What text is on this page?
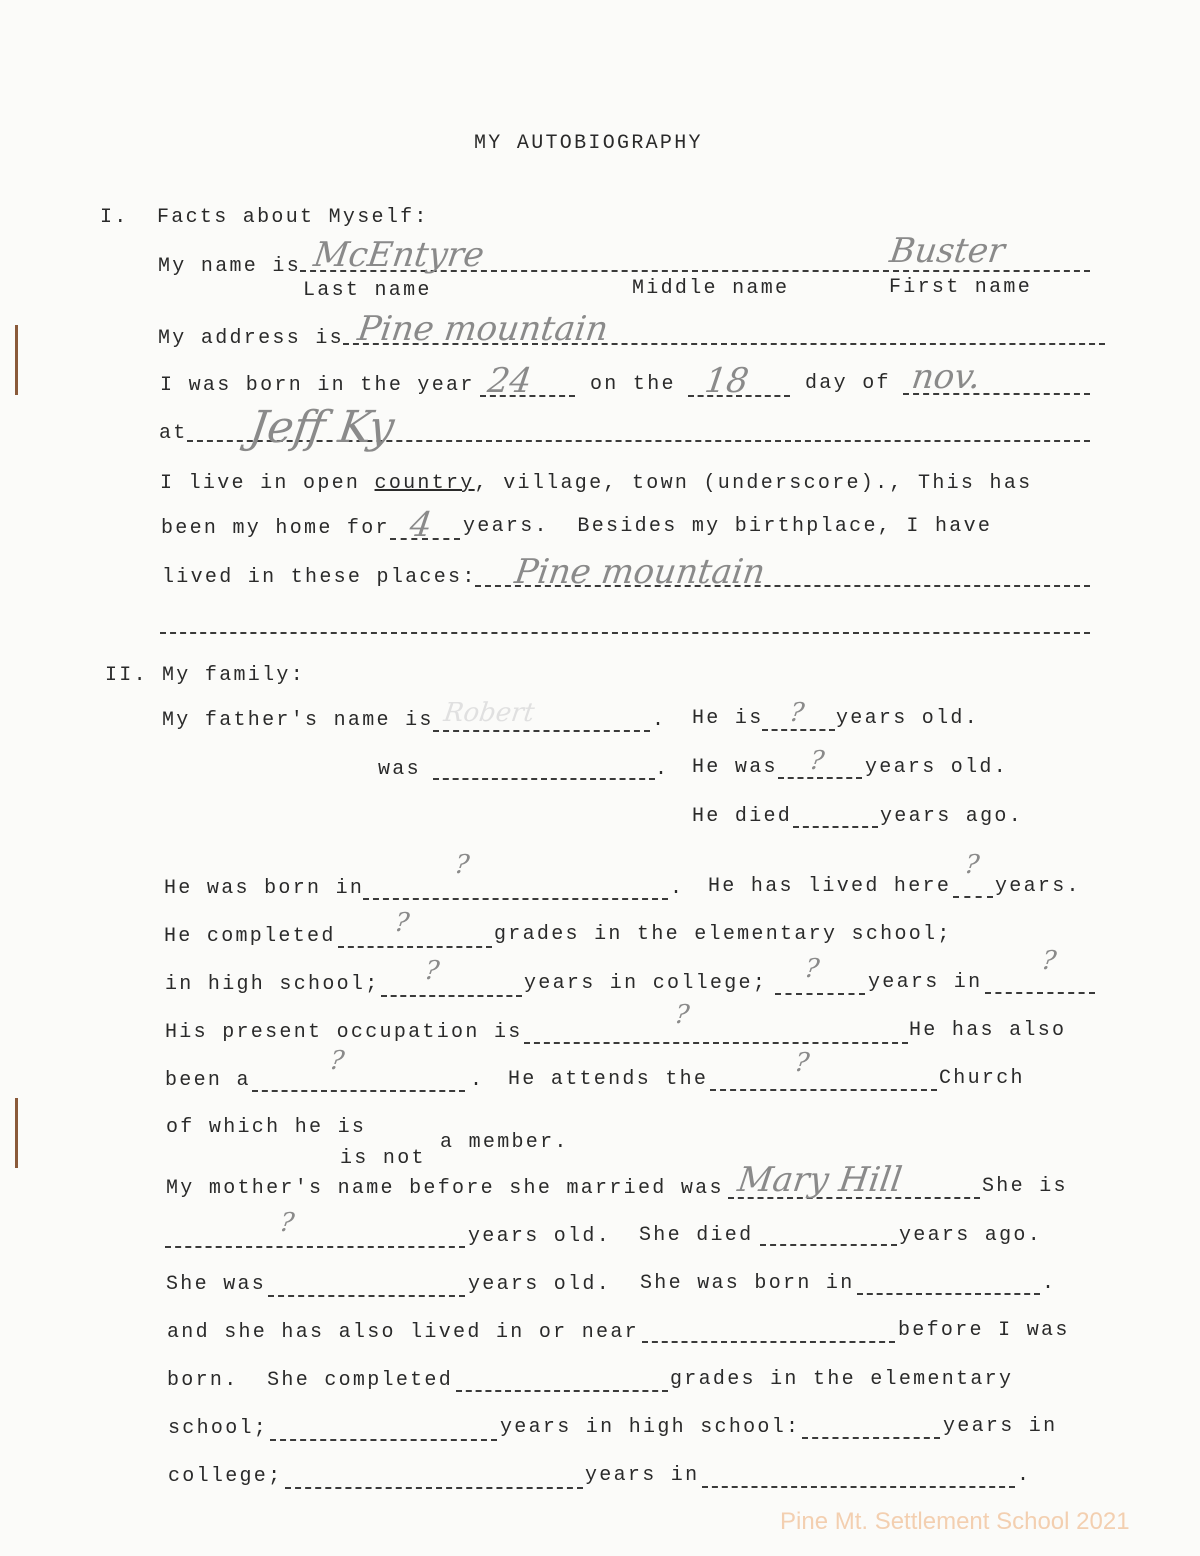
MY AUTOBIOGRAPHY
I. Facts about Myself:
My name is McEntyre	Buster
Last name	Middle name	First name
My address is Pine mountain
I was born in the year 24	on the 18	day of nov.
at Jeff Ky
I live in open country, village, town (underscore)., This has
been my home for 4 years.  Besides my birthplace, I have
lived in these places: Pine mountain
II. My family:
My father's name is Robert	. He is ? years old.
was	. He was ? years old.
He died	years ago.
He was born in
?
. He has lived here
?
years.
He completed ?	grades in the elementary school;
in high school; ?	years in college; ? years in
?
His present occupation is
?
He has also
been a
?
. He attends the
?
Church
of which he is
is not
a member.
My mother's name before she married was Mary Hill	She is
?	years old. She died	years ago.
She was	years old. She was born in	.
and she has also lived in or near	before I was
born.  She completed	grades in the elementary
school;	years in high school:	years in
college;	years in	.
Pine Mt. Settlement School 2021
